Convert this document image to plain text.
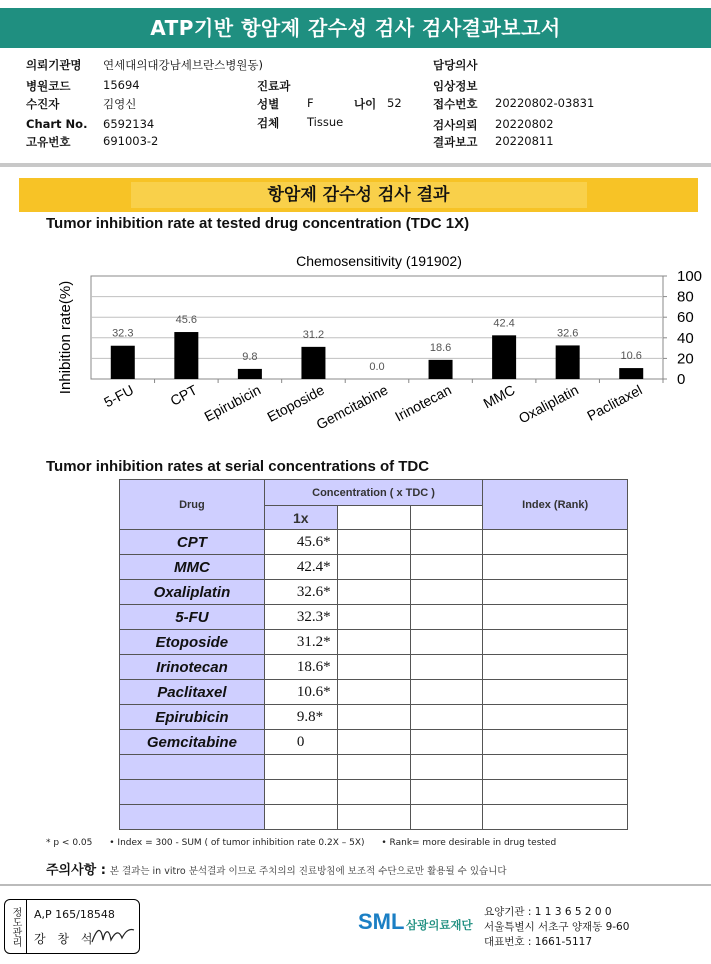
ATP기반 항암제 감수성 검사 검사결과보고서
의뢰기관명 연세대의대강남세브란스병원동)
병원코드	15694
수진자	김영신
Chart No. 6592134
고유번호	691003-2
진료과
성별 F	나이 52
검체 Tissue
담당의사
임상정보
접수번호 20220802-03831
검사의뢰 20220802
결과보고 20220811
항암제 감수성 검사 결과
Tumor inhibition rate at tested drug concentration (TDC 1X)
Chemosensitivity (191902)
0
20
40
60
80
100
Inhibition rate(%)	32.3
5-FU
45.6
CPT
9.8
Epirubicin
31.2
Etoposide
0.0
Gemcitabine
18.6
Irinotecan
42.4
MMC
32.6
Oxaliplatin
10.6
Paclitaxel
Tumor inhibition rates at serial concentrations of TDC
Drug	Concentration ( x TDC )			Index (Rank)
	1x			
CPT	45.6*			
MMC	42.4*			
Oxaliplatin	32.6*			
5-FU	32.3*			
Etoposide	31.2*			
Irinotecan	18.6*			
Paclitaxel	10.6*			
Epirubicin	9.8*			
Gemcitabine	0			

* p < 0.05 • Index = 300 - SUM ( of tumor inhibition rate 0.2X – 5X) • Rank= more desirable in drug tested
주의사항 : 본 결과는 in vitro 분석결과 이므로 주치의의 진료방침에 보조적 수단으로만 활용될 수 있습니다
정도관리	A,P 165/18548
강 창 석
SML 삼광의료재단
요양기관 : 1 1 3 6 5 2 0 0
서울특별시 서초구 양재동 9-60
대표번호 : 1661-5117
